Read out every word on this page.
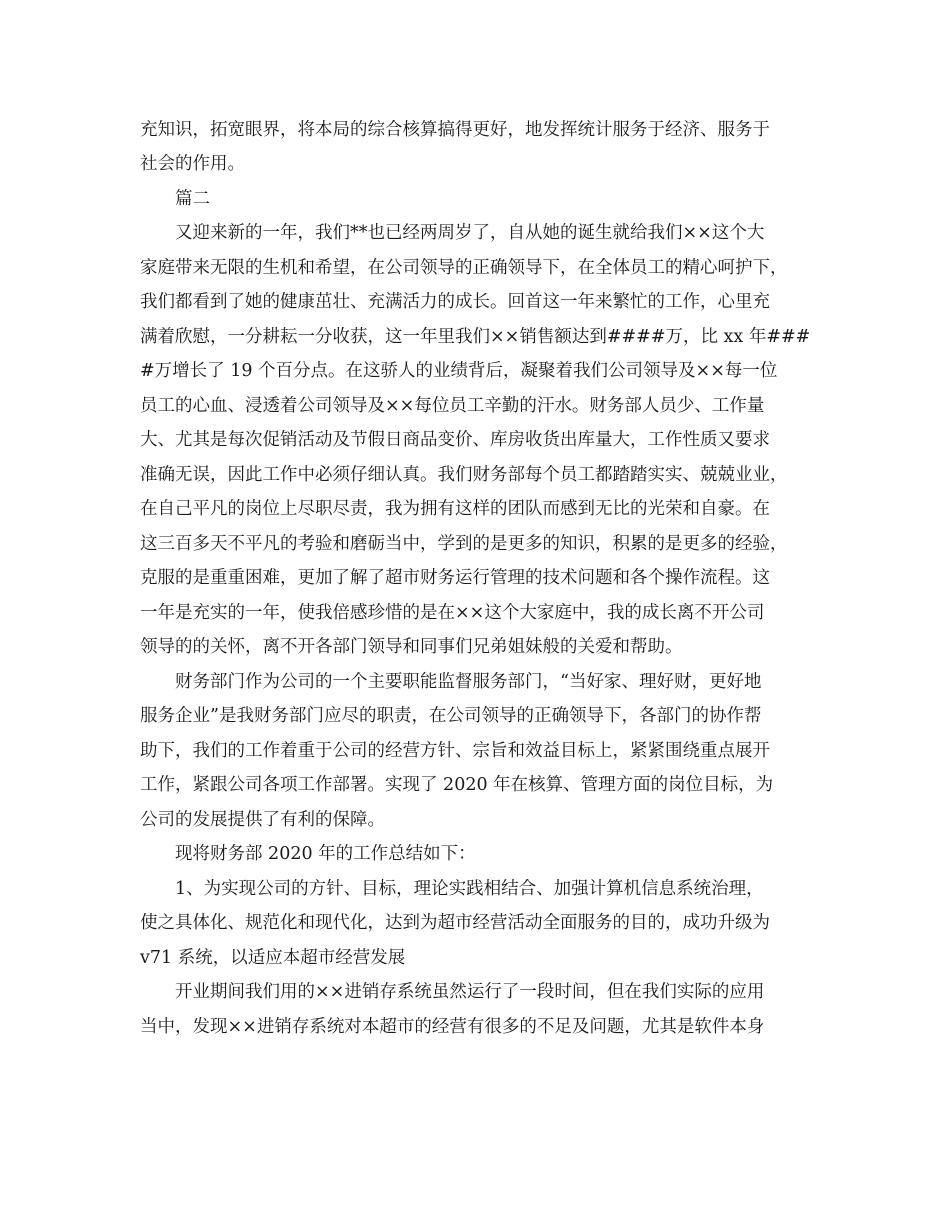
充知识，拓宽眼界，将本局的综合核算搞得更好，地发挥统计服务于经济、服务于

社会的作用。

篇二

又迎来新的一年，我们**也已经两周岁了，自从她的诞生就给我们××这个大

家庭带来无限的生机和希望，在公司领导的正确领导下，在全体员工的精心呵护下，

我们都看到了她的健康茁壮、充满活力的成长。回首这一年来繁忙的工作，心里充

满着欣慰，一分耕耘一分收获，这一年里我们××销售额达到####万，比 xx 年###

#万增长了 19 个百分点。在这骄人的业绩背后，凝聚着我们公司领导及××每一位

员工的心血、浸透着公司领导及××每位员工辛勤的汗水。财务部人员少、工作量

大、尤其是每次促销活动及节假日商品变价、库房收货出库量大，工作性质又要求

准确无误，因此工作中必须仔细认真。我们财务部每个员工都踏踏实实、兢兢业业，

在自己平凡的岗位上尽职尽责，我为拥有这样的团队而感到无比的光荣和自豪。在

这三百多天不平凡的考验和磨砺当中，学到的是更多的知识，积累的是更多的经验，

克服的是重重困难，更加了解了超市财务运行管理的技术问题和各个操作流程。这

一年是充实的一年，使我倍感珍惜的是在××这个大家庭中，我的成长离不开公司

领导的的关怀，离不开各部门领导和同事们兄弟姐妹般的关爱和帮助。

财务部门作为公司的一个主要职能监督服务部门，“当好家、理好财，更好地

服务企业”是我财务部门应尽的职责，在公司领导的正确领导下，各部门的协作帮

助下，我们的工作着重于公司的经营方针、宗旨和效益目标上，紧紧围绕重点展开

工作，紧跟公司各项工作部署。实现了 2020 年在核算、管理方面的岗位目标，为

公司的发展提供了有利的保障。

现将财务部 2020 年的工作总结如下：

1、为实现公司的方针、目标，理论实践相结合、加强计算机信息系统治理，

使之具体化、规范化和现代化，达到为超市经营活动全面服务的目的，成功升级为

v71 系统，以适应本超市经营发展

开业期间我们用的××进销存系统虽然运行了一段时间，但在我们实际的应用

当中，发现××进销存系统对本超市的经营有很多的不足及问题，尤其是软件本身
